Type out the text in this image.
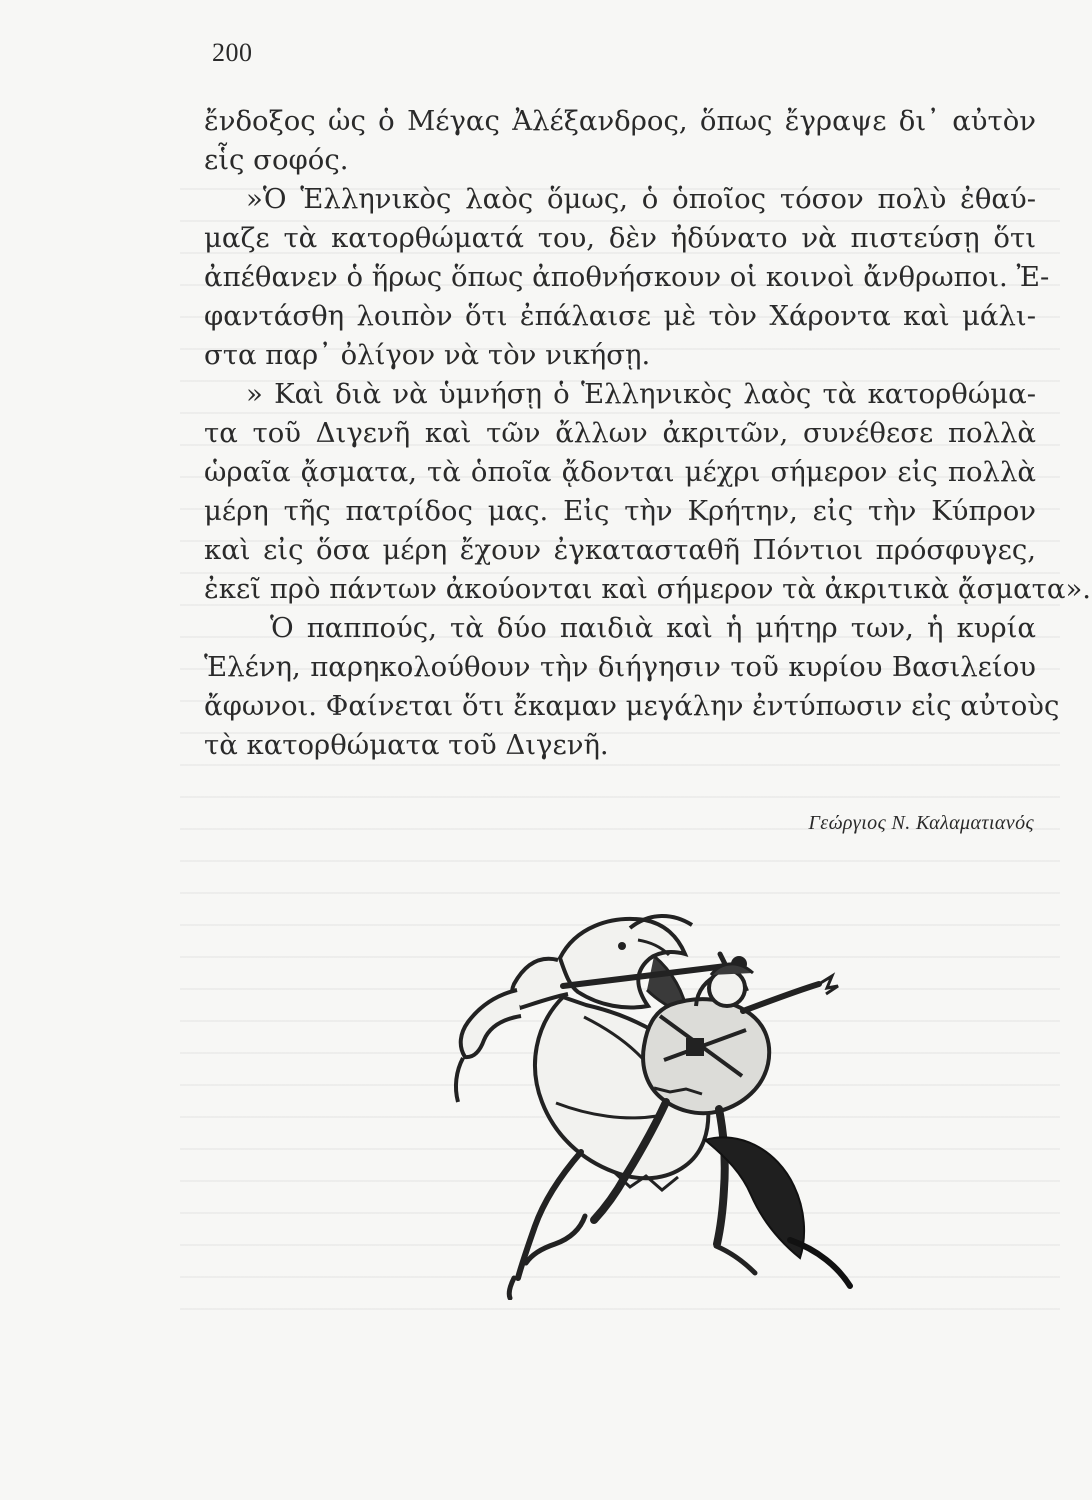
200
ἔνδοξος ὡς ὁ Μέγας Ἀλέξανδρος, ὅπως ἔγραψε δι᾽ αὐτὸν
εἷς σοφός.
»Ὁ Ἑλληνικὸς λαὸς ὅμως, ὁ ὁποῖος τόσον πολὺ ἐθαύ-
μαζε τὰ κατορθώματά του, δὲν ἠδύνατο νὰ πιστεύσῃ ὅτι
ἀπέθανεν ὁ ἥρως ὅπως ἀποθνήσκουν οἱ κοινοὶ ἄνθρωποι. Ἐ-
φαντάσθη λοιπὸν ὅτι ἐπάλαισε μὲ τὸν Χάροντα καὶ μάλι-
στα παρ᾽ ὀλίγον νὰ τὸν νικήσῃ.
» Καὶ διὰ νὰ ὑμνήσῃ ὁ Ἑλληνικὸς λαὸς τὰ κατορθώμα-
τα τοῦ Διγενῆ καὶ τῶν ἄλλων ἀκριτῶν, συνέθεσε πολλὰ
ὡραῖα ᾄσματα, τὰ ὁποῖα ᾄδονται μέχρι σήμερον εἰς πολλὰ
μέρη τῆς πατρίδος μας. Εἰς τὴν Κρήτην, εἰς τὴν Κύπρον
καὶ εἰς ὅσα μέρη ἔχουν ἐγκατασταθῆ Πόντιοι πρόσφυγες,
ἐκεῖ πρὸ πάντων ἀκούονται καὶ σήμερον τὰ ἀκριτικὰ ᾄσματα».
Ὁ παππούς, τὰ δύο παιδιὰ καὶ ἡ μήτηρ των, ἡ κυρία
Ἑλένη, παρηκολούθουν τὴν διήγησιν τοῦ κυρίου Βασιλείου
ἄφωνοι. Φαίνεται ὅτι ἔκαμαν μεγάλην ἐντύπωσιν εἰς αὐτοὺς
τὰ κατορθώματα τοῦ Διγενῆ.
Γεώργιος Ν. Καλαματιανός
